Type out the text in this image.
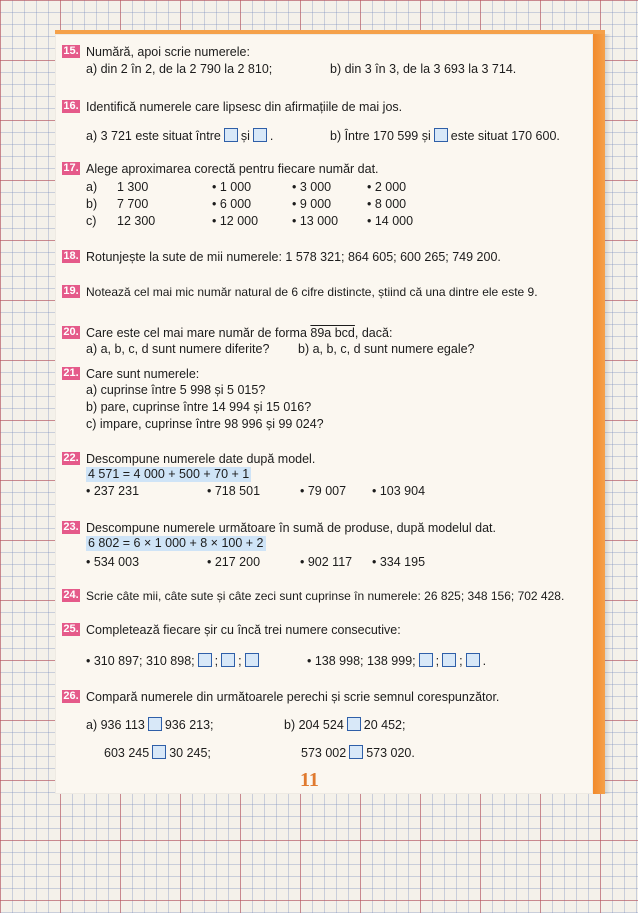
15. Numără, apoi scrie numerele:
a) din 2 în 2, de la 2 790 la 2 810;	b) din 3 în 3, de la 3 693 la 3 714.
16. Identifică numerele care lipsesc din afirmațiile de mai jos.
a) 3 721 este situat între și .	b) Între 170 599 și este situat 170 600.
17. Alege aproximarea corectă pentru fiecare număr dat.
a) 1 300	• 1 000	• 3 000	• 2 000
b) 7 700	• 6 000	• 9 000	• 8 000
c) 12 300	• 12 000	• 13 000 • 14 000
18. Rotunjește la sute de mii numerele: 1 578 321; 864 605; 600 265; 749 200.
19. Notează cel mai mic număr natural de 6 cifre distincte, știind că una dintre ele este 9.
20. Care este cel mai mare număr de forma 89a bcd, dacă:
a) a, b, c, d sunt numere diferite? b) a, b, c, d sunt numere egale?
21. Care sunt numerele:
a) cuprinse între 5 998 și 5 015?
b) pare, cuprinse între 14 994 și 15 016?
c) impare, cuprinse între 98 996 și 99 024?
22. Descompune numerele date după model.
4 571 = 4 000 + 500 + 70 + 1
• 237 231	• 718 501	• 79 007 • 103 904
23. Descompune numerele următoare în sumă de produse, după modelul dat.
6 802 = 6 × 1 000 + 8 × 100 + 2
• 534 003	• 217 200	• 902 117 • 334 195
24. Scrie câte mii, câte sute și câte zeci sunt cuprinse în numerele: 26 825; 348 156; 702 428.
25. Completează fiecare șir cu încă trei numere consecutive:
• 310 897; 310 898; ; ;	• 138 998; 138 999; ; ; .
26. Compară numerele din următoarele perechi și scrie semnul corespunzător.
a) 936 113 936 213;	b) 204 524 20 452;
603 245 30 245;	573 002 573 020.
11
